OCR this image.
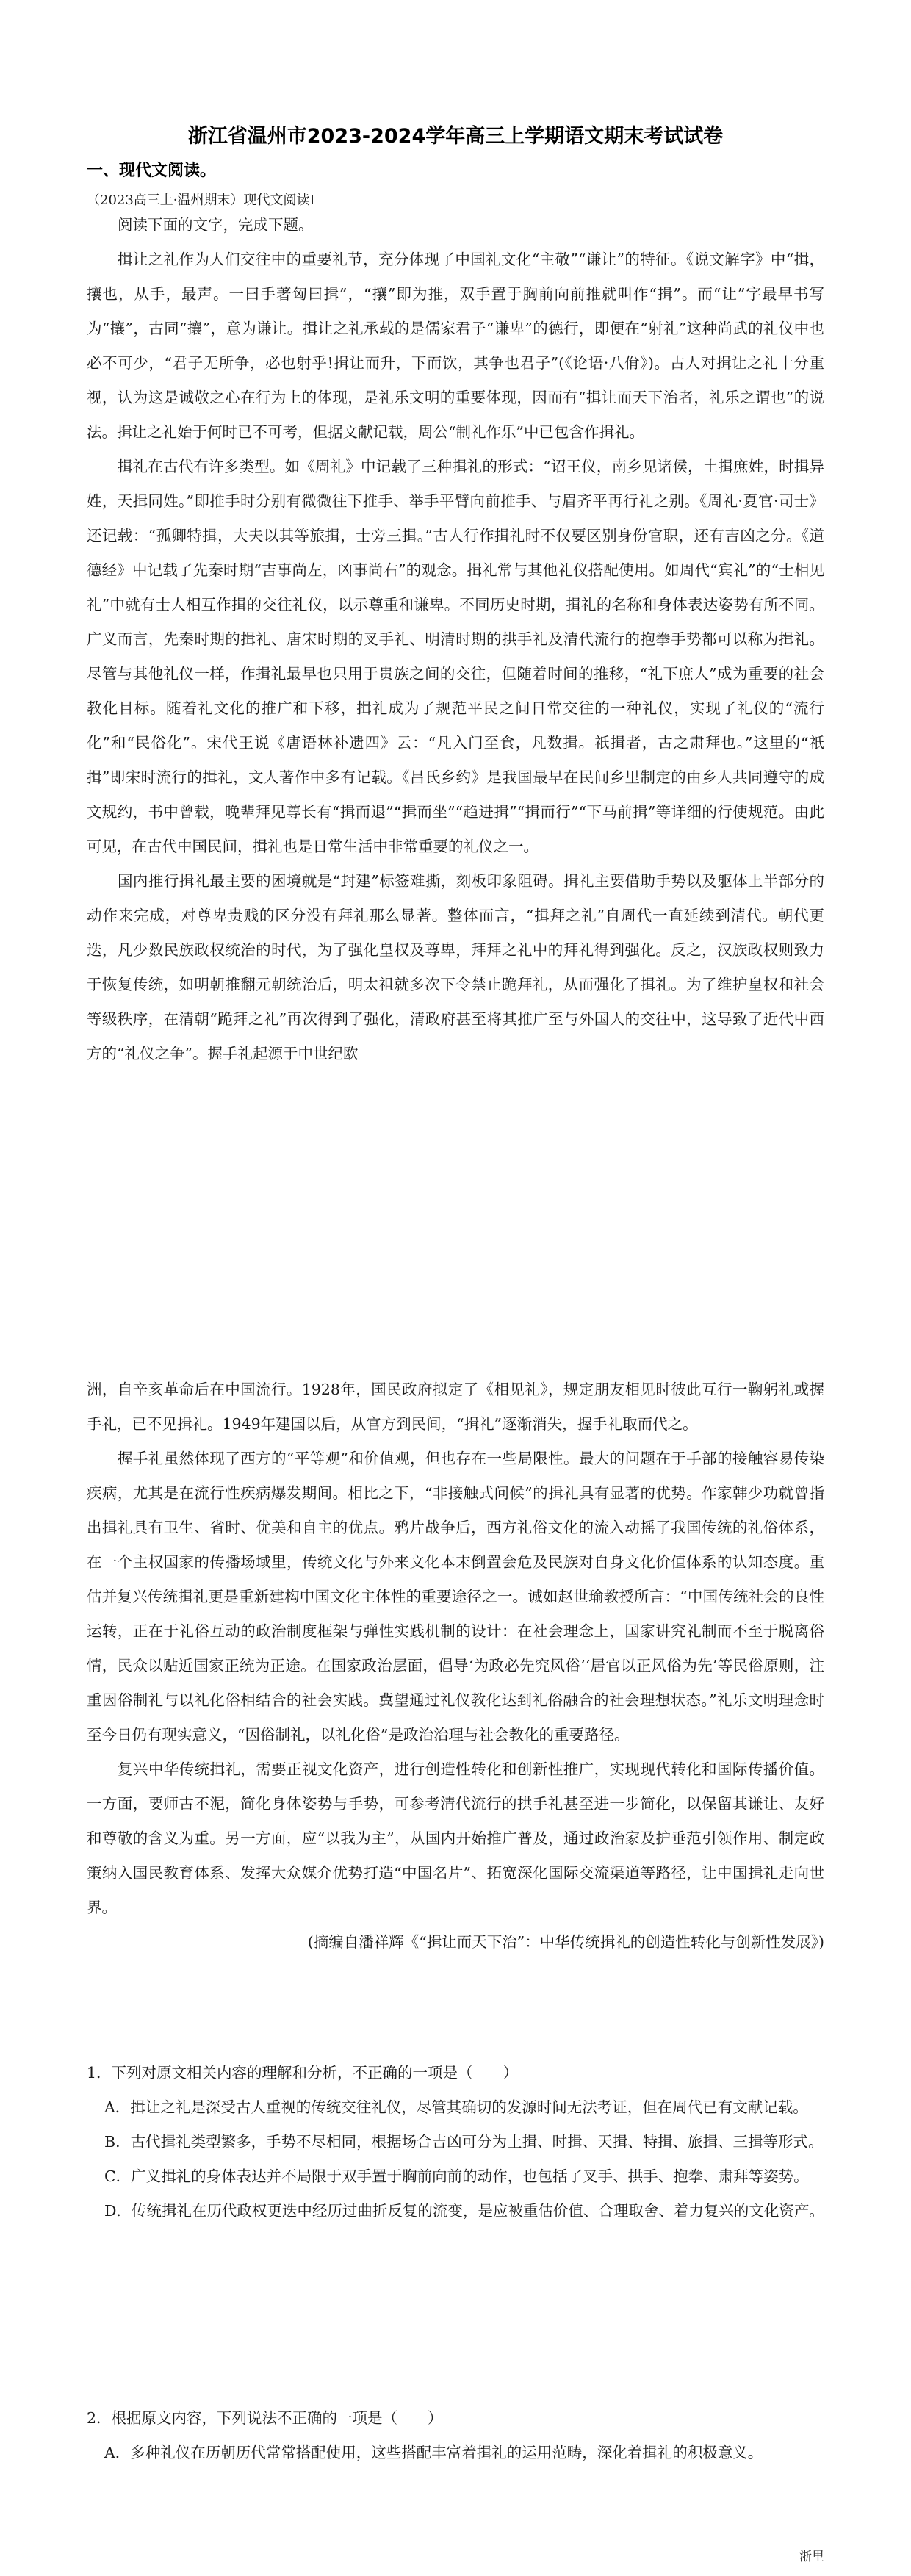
浙江省温州市2023-2024学年高三上学期语文期末考试试卷
一、现代文阅读。
（2023高三上·温州期末）现代文阅读I

阅读下面的文字，完成下题。

揖让之礼作为人们交往中的重要礼节，充分体现了中国礼文化“主敬”“谦让”的特征。《说文解字》中“揖，攘也，从手，最声。一曰手著匈曰揖”，“攘”即为推，双手置于胸前向前推就叫作“揖”。而“让”字最早书写为“攘”，古同“攘”，意为谦让。揖让之礼承载的是儒家君子“谦卑”的德行，即便在“射礼”这种尚武的礼仪中也必不可少，“君子无所争，必也射乎!揖让而升，下而饮，其争也君子”(《论语·八佾》)。古人对揖让之礼十分重视，认为这是诚敬之心在行为上的体现，是礼乐文明的重要体现，因而有“揖让而天下治者，礼乐之谓也”的说法。揖让之礼始于何时已不可考，但据文献记载，周公“制礼作乐”中已包含作揖礼。

揖礼在古代有许多类型。如《周礼》中记载了三种揖礼的形式：“诏王仪，南乡见诸侯，土揖庶姓，时揖异姓，天揖同姓。”即推手时分别有微微往下推手、举手平臂向前推手、与眉齐平再行礼之别。《周礼·夏官·司士》还记载：“孤卿特揖，大夫以其等旅揖，士旁三揖。”古人行作揖礼时不仅要区别身份官职，还有吉凶之分。《道德经》中记载了先秦时期“吉事尚左，凶事尚右”的观念。揖礼常与其他礼仪搭配使用。如周代“宾礼”的“士相见礼”中就有士人相互作揖的交往礼仪，以示尊重和谦卑。不同历史时期，揖礼的名称和身体表达姿势有所不同。广义而言，先秦时期的揖礼、唐宋时期的叉手礼、明清时期的拱手礼及清代流行的抱拳手势都可以称为揖礼。尽管与其他礼仪一样，作揖礼最早也只用于贵族之间的交往，但随着时间的推移，“礼下庶人”成为重要的社会教化目标。随着礼文化的推广和下移，揖礼成为了规范平民之间日常交往的一种礼仪，实现了礼仪的“流行化”和“民俗化”。宋代王说《唐语林补遗四》云：“凡入门至食，凡数揖。祇揖者，古之肃拜也。”这里的“祇揖”即宋时流行的揖礼，文人著作中多有记载。《吕氏乡约》是我国最早在民间乡里制定的由乡人共同遵守的成文规约，书中曾载，晚辈拜见尊长有“揖而退”“揖而坐”“趋进揖”“揖而行”“下马前揖”等详细的行使规范。由此可见，在古代中国民间，揖礼也是日常生活中非常重要的礼仪之一。

国内推行揖礼最主要的困境就是“封建”标签难撕，刻板印象阻碍。揖礼主要借助手势以及躯体上半部分的动作来完成，对尊卑贵贱的区分没有拜礼那么显著。整体而言，“揖拜之礼”自周代一直延续到清代。朝代更迭，凡少数民族政权统治的时代，为了强化皇权及尊卑，拜拜之礼中的拜礼得到强化。反之，汉族政权则致力于恢复传统，如明朝推翻元朝统治后，明太祖就多次下令禁止跪拜礼，从而强化了揖礼。为了维护皇权和社会等级秩序，在清朝“跪拜之礼”再次得到了强化，清政府甚至将其推广至与外国人的交往中，这导致了近代中西方的“礼仪之争”。握手礼起源于中世纪欧

洲，自辛亥革命后在中国流行。1928年，国民政府拟定了《相见礼》，规定朋友相见时彼此互行一鞠躬礼或握手礼，已不见揖礼。1949年建国以后，从官方到民间，“揖礼”逐渐消失，握手礼取而代之。

握手礼虽然体现了西方的“平等观”和价值观，但也存在一些局限性。最大的问题在于手部的接触容易传染疾病，尤其是在流行性疾病爆发期间。相比之下，“非接触式问候”的揖礼具有显著的优势。作家韩少功就曾指出揖礼具有卫生、省时、优美和自主的优点。鸦片战争后，西方礼俗文化的流入动摇了我国传统的礼俗体系，在一个主权国家的传播场域里，传统文化与外来文化本末倒置会危及民族对自身文化价值体系的认知态度。重估并复兴传统揖礼更是重新建构中国文化主体性的重要途径之一。诚如赵世瑜教授所言：“中国传统社会的良性运转，正在于礼俗互动的政治制度框架与弹性实践机制的设计：在社会理念上，国家讲究礼制而不至于脱离俗情，民众以贴近国家正统为正途。在国家政治层面，倡导‘为政必先究风俗’‘居官以正风俗为先’等民俗原则，注重因俗制礼与以礼化俗相结合的社会实践。冀望通过礼仪教化达到礼俗融合的社会理想状态。”礼乐文明理念时至今日仍有现实意义，“因俗制礼，以礼化俗”是政治治理与社会教化的重要路径。

复兴中华传统揖礼，需要正视文化资产，进行创造性转化和创新性推广，实现现代转化和国际传播价值。一方面，要师古不泥，简化身体姿势与手势，可参考清代流行的拱手礼甚至进一步简化，以保留其谦让、友好和尊敬的含义为重。另一方面，应“以我为主”，从国内开始推广普及，通过政治家及护垂范引领作用、制定政策纳入国民教育体系、发挥大众媒介优势打造“中国名片”、拓宽深化国际交流渠道等路径，让中国揖礼走向世界。

(摘编自潘祥辉《“揖让而天下治”：中华传统揖礼的创造性转化与创新性发展》)

1．下列对原文相关内容的理解和分析，不正确的一项是（　　）

A．揖让之礼是深受古人重视的传统交往礼仪，尽管其确切的发源时间无法考证，但在周代已有文献记载。

B．古代揖礼类型繁多，手势不尽相同，根据场合吉凶可分为土揖、时揖、天揖、特揖、旅揖、三揖等形式。

C．广义揖礼的身体表达并不局限于双手置于胸前向前的动作，也包括了叉手、拱手、抱拳、肃拜等姿势。

D．传统揖礼在历代政权更迭中经历过曲折反复的流变，是应被重估价值、合理取舍、着力复兴的文化资产。

2．根据原文内容，下列说法不正确的一项是（　　）

A．多种礼仪在历朝历代常常搭配使用，这些搭配丰富着揖礼的运用范畴，深化着揖礼的积极意义。

浙里
